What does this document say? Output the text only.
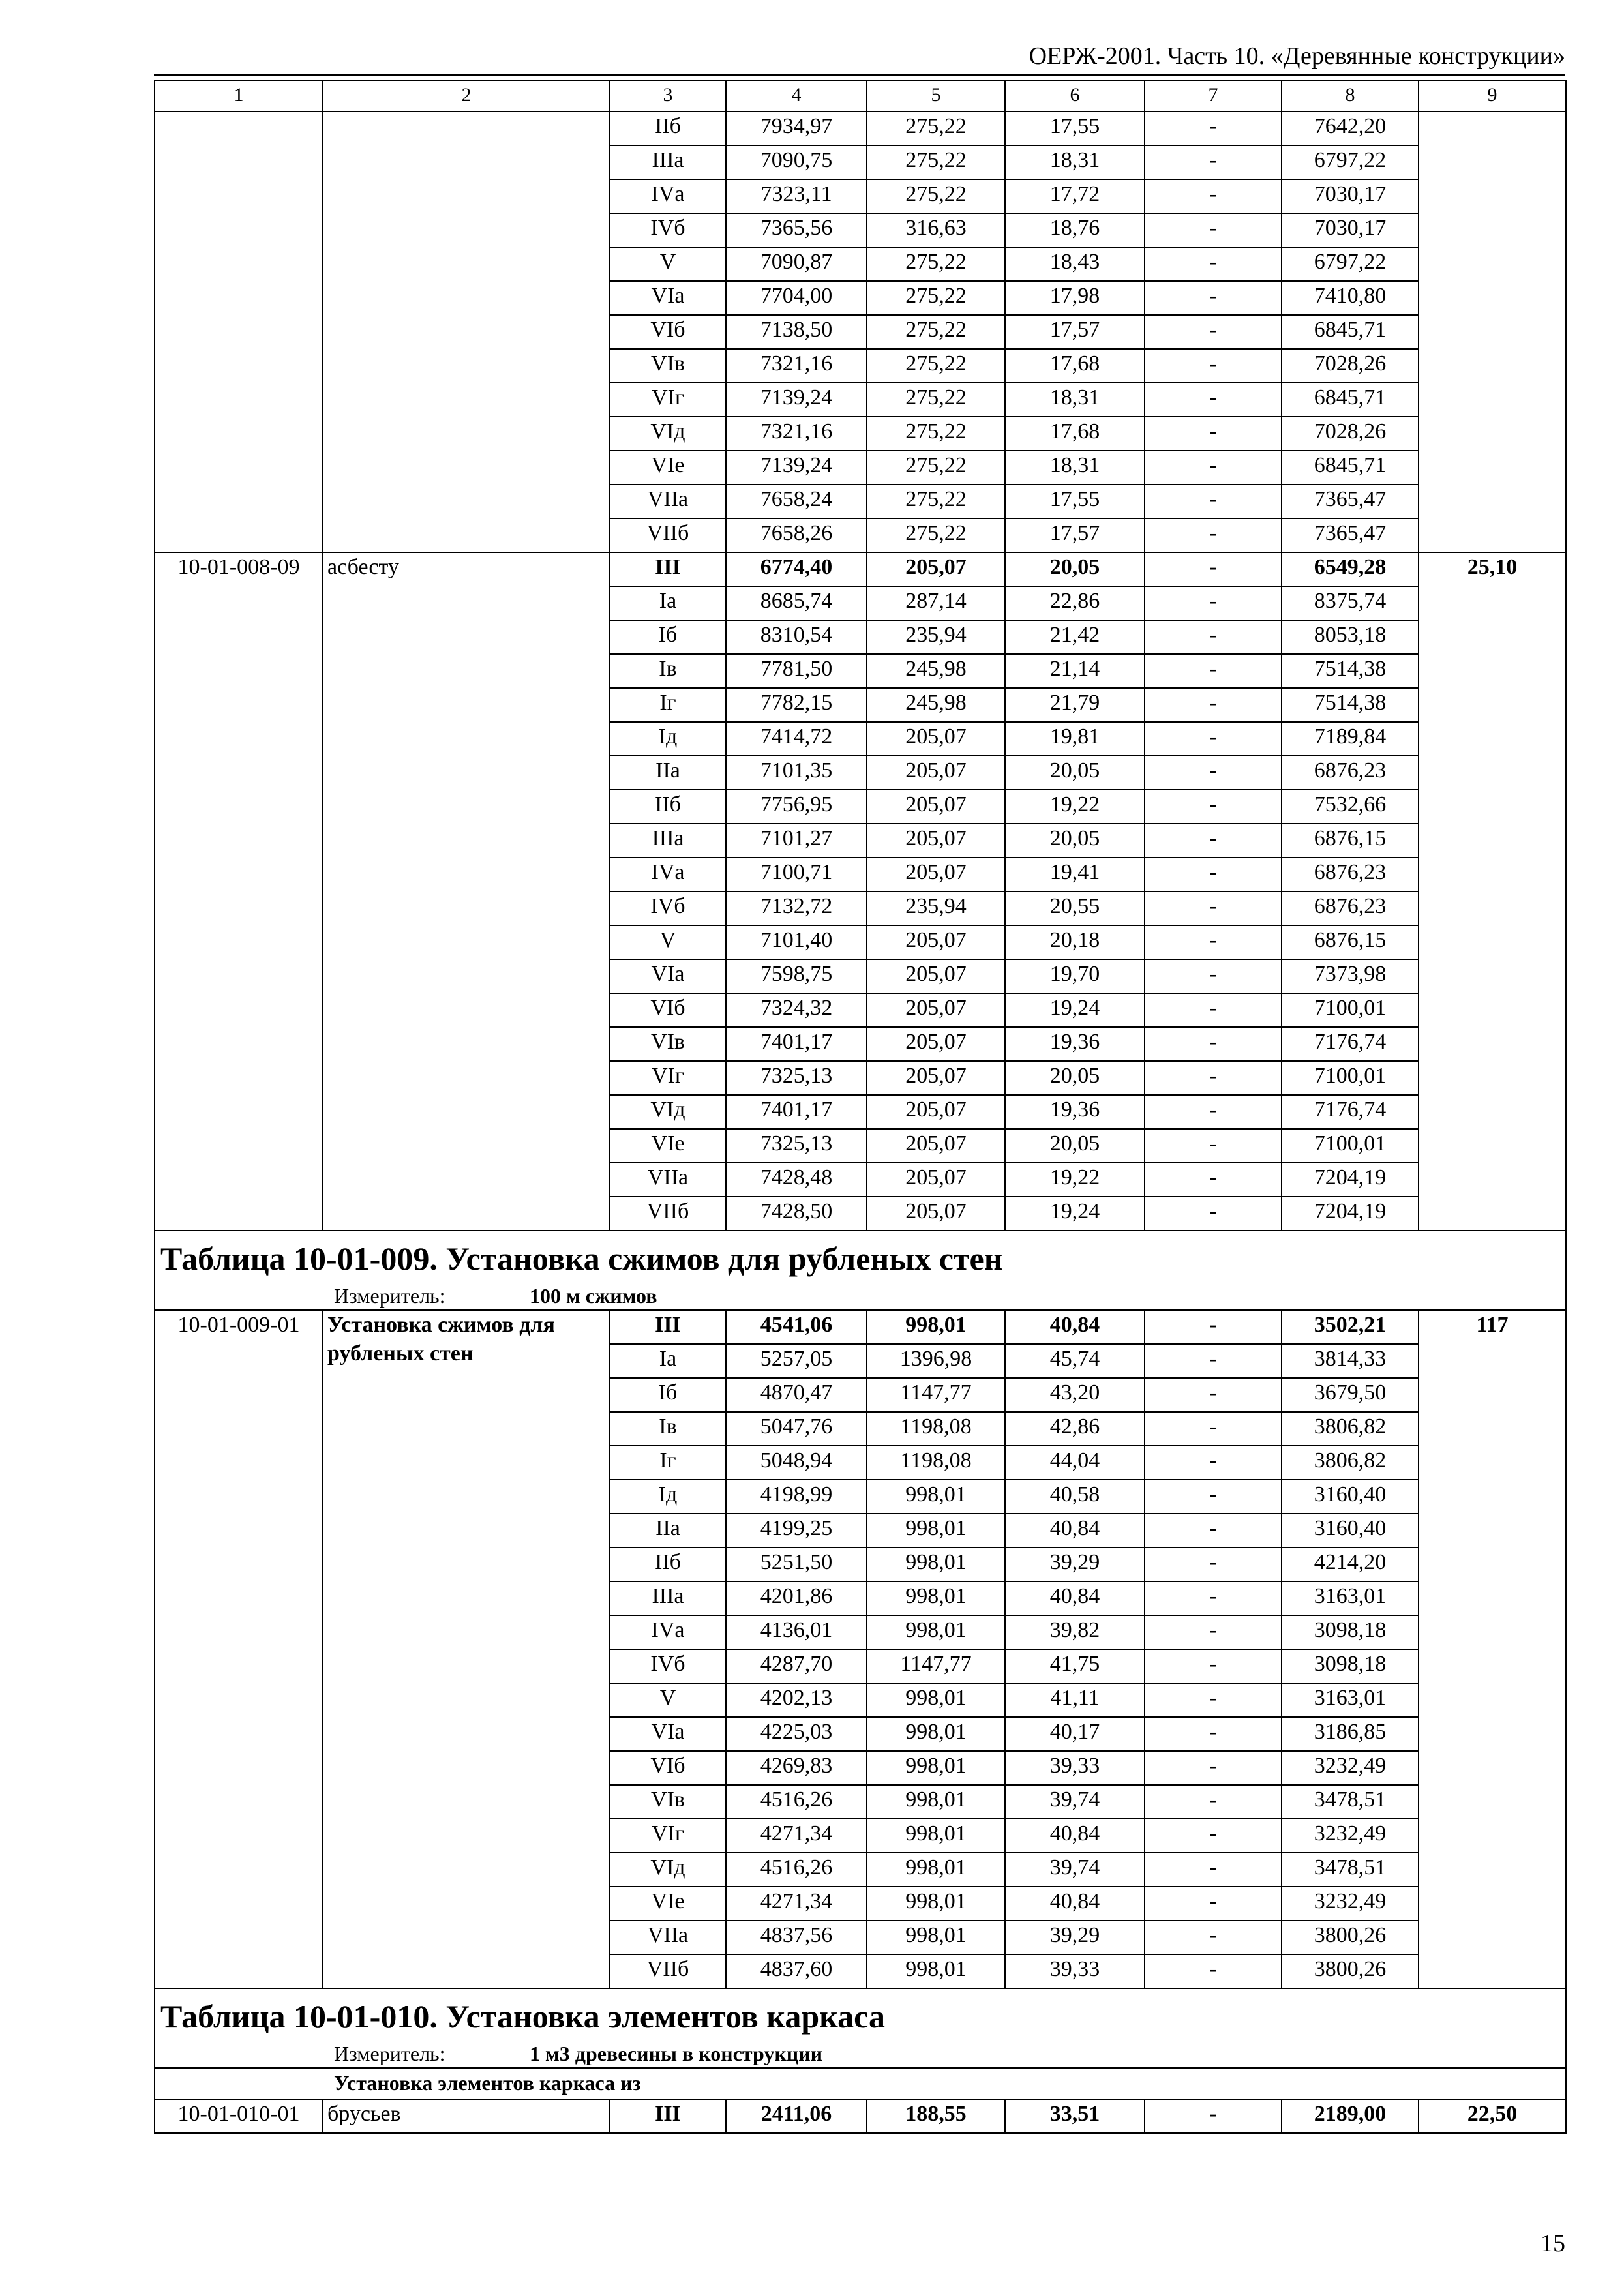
ОЕРЖ-2001. Часть 10. «Деревянные конструкции»
1	2	3	4	5	6	7	8	9
		IIб	7934,97	275,22	17,55	-	7642,20	
		IIIа	7090,75	275,22	18,31	-	6797,22	
		IVа	7323,11	275,22	17,72	-	7030,17	
		IVб	7365,56	316,63	18,76	-	7030,17	
		V	7090,87	275,22	18,43	-	6797,22	
		VIа	7704,00	275,22	17,98	-	7410,80	
		VIб	7138,50	275,22	17,57	-	6845,71	
		VIв	7321,16	275,22	17,68	-	7028,26	
		VIг	7139,24	275,22	18,31	-	6845,71	
		VIд	7321,16	275,22	17,68	-	7028,26	
		VIе	7139,24	275,22	18,31	-	6845,71	
		VIIа	7658,24	275,22	17,55	-	7365,47	
		VIIб	7658,26	275,22	17,57	-	7365,47	
10-01-008-09	асбесту	III	6774,40	205,07	20,05	-	6549,28	25,10
		Iа	8685,74	287,14	22,86	-	8375,74	
		Iб	8310,54	235,94	21,42	-	8053,18	
		Iв	7781,50	245,98	21,14	-	7514,38	
		Iг	7782,15	245,98	21,79	-	7514,38	
		Iд	7414,72	205,07	19,81	-	7189,84	
		IIа	7101,35	205,07	20,05	-	6876,23	
		IIб	7756,95	205,07	19,22	-	7532,66	
		IIIа	7101,27	205,07	20,05	-	6876,15	
		IVа	7100,71	205,07	19,41	-	6876,23	
		IVб	7132,72	235,94	20,55	-	6876,23	
		V	7101,40	205,07	20,18	-	6876,15	
		VIа	7598,75	205,07	19,70	-	7373,98	
		VIб	7324,32	205,07	19,24	-	7100,01	
		VIв	7401,17	205,07	19,36	-	7176,74	
		VIг	7325,13	205,07	20,05	-	7100,01	
		VIд	7401,17	205,07	19,36	-	7176,74	
		VIе	7325,13	205,07	20,05	-	7100,01	
		VIIа	7428,48	205,07	19,22	-	7204,19	
		VIIб	7428,50	205,07	19,24	-	7204,19	
Таблица 10-01-009. Установка сжимов для рубленых стен								
Измеритель: 100 м сжимов								
10-01-009-01	Установка сжимов для
рубленых стен	III	4541,06	998,01	40,84	-	3502,21	117
		Iа	5257,05	1396,98	45,74	-	3814,33	
		Iб	4870,47	1147,77	43,20	-	3679,50	
		Iв	5047,76	1198,08	42,86	-	3806,82	
		Iг	5048,94	1198,08	44,04	-	3806,82	
		Iд	4198,99	998,01	40,58	-	3160,40	
		IIа	4199,25	998,01	40,84	-	3160,40	
		IIб	5251,50	998,01	39,29	-	4214,20	
		IIIа	4201,86	998,01	40,84	-	3163,01	
		IVа	4136,01	998,01	39,82	-	3098,18	
		IVб	4287,70	1147,77	41,75	-	3098,18	
		V	4202,13	998,01	41,11	-	3163,01	
		VIа	4225,03	998,01	40,17	-	3186,85	
		VIб	4269,83	998,01	39,33	-	3232,49	
		VIв	4516,26	998,01	39,74	-	3478,51	
		VIг	4271,34	998,01	40,84	-	3232,49	
		VIд	4516,26	998,01	39,74	-	3478,51	
		VIе	4271,34	998,01	40,84	-	3232,49	
		VIIа	4837,56	998,01	39,29	-	3800,26	
		VIIб	4837,60	998,01	39,33	-	3800,26	
Таблица 10-01-010. Установка элементов каркаса								
Измеритель: 1 м3 древесины в конструкции								
Установка элементов каркаса из								
10-01-010-01	брусьев	III	2411,06	188,55	33,51	-	2189,00	22,50
15
